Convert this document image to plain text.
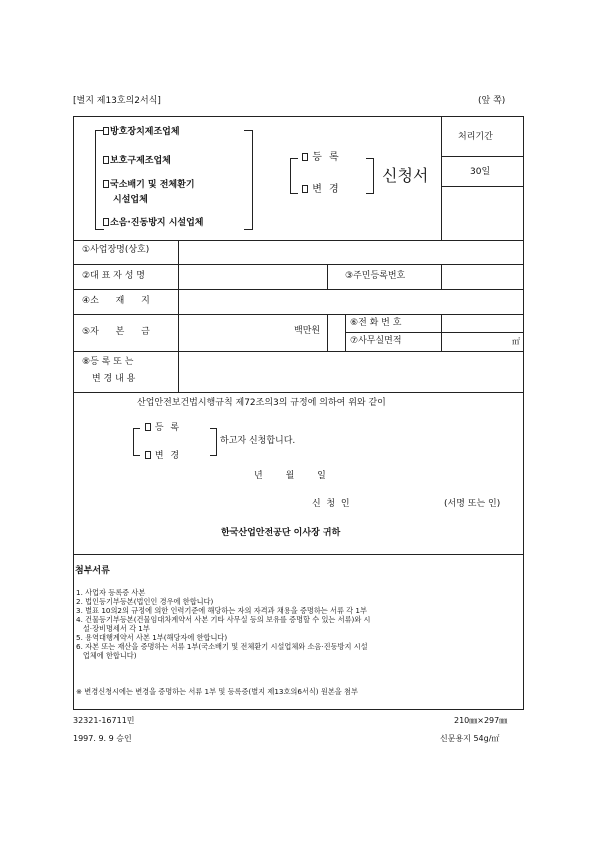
[별지 제13호의2서식]	(앞 쪽)
방호장치제조업체
보호구제조업체
국소배기 및 전체환기
시설업체
소음·진동방지 시설업체
등 록
변 경
신청서
처리기간
30일
①사업장명(상호)
②대 표 자 성 명	③주민등록번호
④소 재 지
⑤자 본 금	백만원
⑥전 화 번 호
⑦사무실면적	㎡
⑧등 록 또 는
변 경 내 용
산업안전보건법시행규칙 제72조의3의 규정에 의하여 위와 같이
등 록
변 경
하고자 신청합니다.
년        월        일
신  청  인	(서명 또는 인)
한국산업안전공단 이사장 귀하
첨부서류
1. 사업자 등록증 사본
2. 법인등기부등본(법인인 경우에 한합니다)
3. 별표 10의2의 규정에 의한 인력기준에 해당하는 자의 자격과 채용을 증명하는 서류 각 1부
4. 건물등기부등본(건물임대차계약서 사본 기타 사무실 등의 보유를 증명할 수 있는 서류)와 시
설·장비명세서 각 1부
5. 용역대행계약서 사본 1부(해당자에 한합니다)
6. 자본 또는 재산을 증명하는 서류 1부(국소배기 및 전체환기 시설업체와 소음·진동방지 시설
업체에 한합니다)
※ 변경신청시에는 변경을 증명하는 서류 1부 및 등록증(별지 제13호의6서식) 원본을 첨부
32321-16711민
1997. 9. 9 승인
210㎜×297㎜
신문용지 54g/㎡
